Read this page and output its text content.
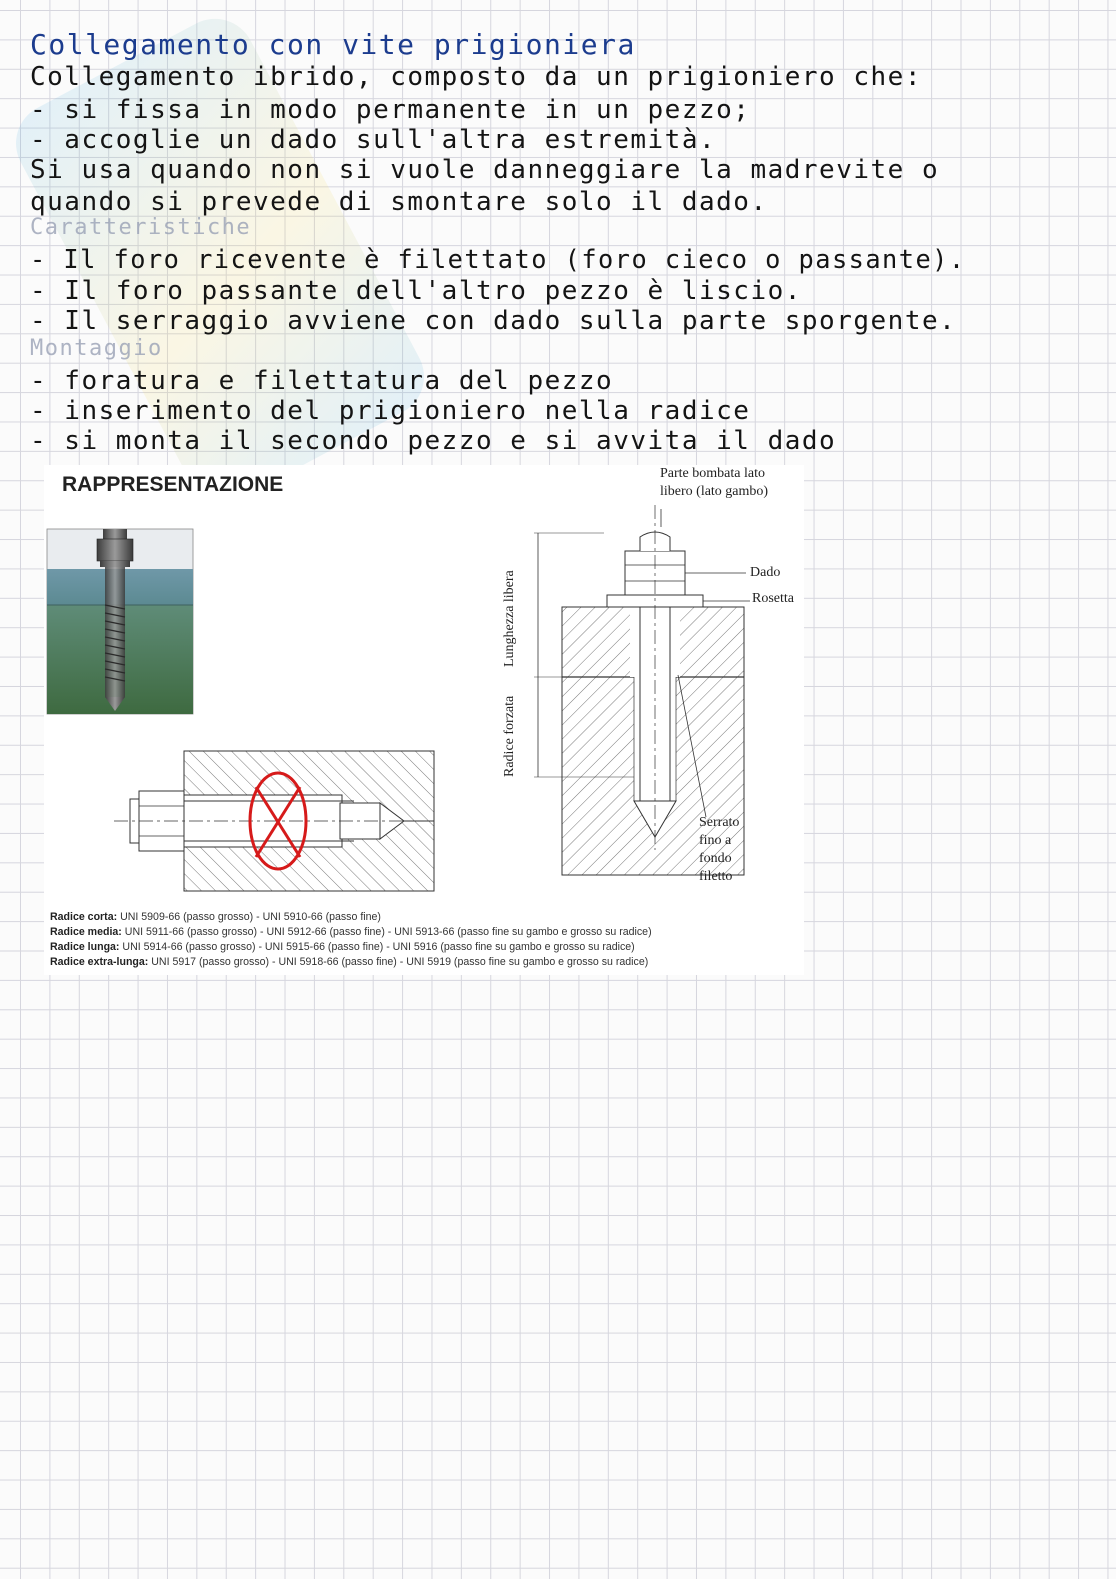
Collegamento con vite prigioniera
Collegamento ibrido, composto da un prigioniero che:
- si fissa in modo permanente in un pezzo;
- accoglie un dado sull'altra estremità.
Si usa quando non si vuole danneggiare la madrevite o
quando si prevede di smontare solo il dado.
Caratteristiche
- Il foro ricevente è filettato (foro cieco o passante).
- Il foro passante dell'altro pezzo è liscio.
- Il serraggio avviene con dado sulla parte sporgente.
Montaggio
- foratura e filettatura del pezzo
- inserimento del prigioniero nella radice
- si monta il secondo pezzo e si avvita il dado
RAPPRESENTAZIONE	Parte bombata lato
libero (lato gambo)
Dado
Rosetta
Serrato
fino a
fondo
filetto
Lunghezza libera
Radice forzata
Radice corta: UNI 5909-66 (passo grosso) - UNI 5910-66 (passo fine)
Radice media: UNI 5911-66 (passo grosso) - UNI 5912-66 (passo fine) - UNI 5913-66 (passo fine su gambo e grosso su radice)
Radice lunga: UNI 5914-66 (passo grosso) - UNI 5915-66 (passo fine) - UNI 5916 (passo fine su gambo e grosso su radice)
Radice extra-lunga: UNI 5917 (passo grosso) - UNI 5918-66 (passo fine) - UNI 5919 (passo fine su gambo e grosso su radice)
